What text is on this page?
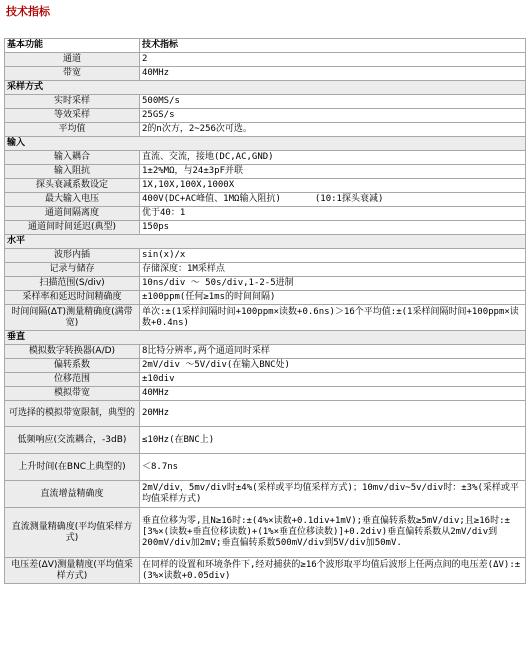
技术指标
基本功能	技术指标
通道	2
带宽	40MHz
采样方式	
实时采样	500MS/s
等效采样	25GS/s
平均值	2的n次方，2~256次可选。
输入	
输入耦合	直流、交流，接地(DC,AC,GND)
输入阻抗	1±2%MΩ，与24±3pF并联
探头衰减系数设定	1X,10X,100X,1000X
最大输入电压	400V(DC+AC峰值、1MΩ输入阻抗) (10:1探头衰减)
通道间隔离度	优于40：1
通道间时间延迟(典型)	150ps
水平	
波形内插	sin(x)/x
记录与储存	存储深度：1M采样点
扫描范围(S/div)	10ns/div ～ 50s/div,1-2-5进制
采样率和延迟时间精确度	±100ppm(任何≥1ms的时间间隔)
时间间隔(ΔT)测量精确度(满带宽)	单次:±(1采样间隔时间+100ppm×读数+0.6ns)＞16个平均值:±(1采样间隔时间+100ppm×读数+0.4ns)
垂直	
模拟数字转换器(A/D)	8比特分辨率,两个通道同时采样
偏转系数	2mV/div ～5V/div(在输入BNC处)
位移范围	±10div
模拟带宽	40MHz
可选择的模拟带宽限制，典型的	20MHz
低频响应(交流耦合，-3dB)	≤10Hz(在BNC上)
上升时间(在BNC上典型的)	＜8.7ns
直流增益精确度	2mV/div，5mv/div时±4%(采样或平均值采样方式)；10mv/div~5v/div时：±3%(采样或平均值采样方式)
直流测量精确度(平均值采样方式)	垂直位移为零,且N≥16时:±(4%×读数+0.1div+1mV);垂直偏转系数≥5mV/div;且≥16时:±[3%×(读数+垂直位移读数)+(1%×垂直位移读数)]+0.2div)垂直偏转系数从2mV/div到200mV/div加2mV;垂直偏转系数500mV/div到5V/div加50mV.
电压差(ΔV)测量精度(平均值采样方式)	在同样的设置和环境条件下,经对捕获的≥16个波形取平均值后波形上任两点间的电压差(ΔV):±(3%×读数+0.05div)
